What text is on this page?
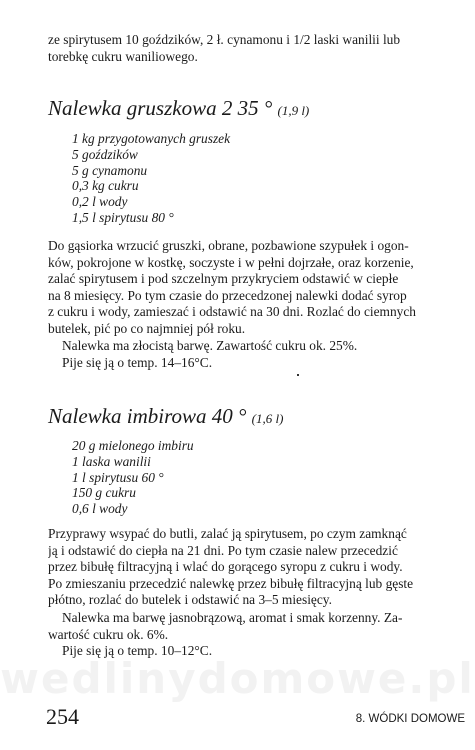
ze spirytusem 10 goździków, 2 ł. cynamonu i 1/2 laski wanilii lub
torebkę cukru waniliowego.

Nalewka gruszkowa 2 35 ° (1,9 l)
1 kg przygotowanych gruszek
5 goździków
5 g cynamonu
0,3 kg cukru
0,2 l wody
1,5 l spirytusu 80 °

Do gąsiorka wrzucić gruszki, obrane, pozbawione szypułek i ogon-
ków, pokrojone w kostkę, soczyste i w pełni dojrzałe, oraz korzenie,
zalać spirytusem i pod szczelnym przykryciem odstawić w ciepłe
na 8 miesięcy. Po tym czasie do przecedzonej nalewki dodać syrop
z cukru i wody, zamieszać i odstawić na 30 dni. Rozlać do ciemnych
butelek, pić po co najmniej pół roku.

Nalewka ma złocistą barwę. Zawartość cukru ok. 25%.
Pije się ją o temp. 14–16°C.

Nalewka imbirowa 40 ° (1,6 l)
20 g mielonego imbiru
1 laska wanilii
1 l spirytusu 60 °
150 g cukru
0,6 l wody

Przyprawy wsypać do butli, zalać ją spirytusem, po czym zamknąć
ją i odstawić do ciepła na 21 dni. Po tym czasie nalew przecedzić
przez bibułę filtracyjną i wlać do gorącego syropu z cukru i wody.
Po zmieszaniu przecedzić nalewkę przez bibułę filtracyjną lub gęste
płótno, rozlać do butelek i odstawić na 3–5 miesięcy.

Nalewka ma barwę jasnobrązową, aromat i smak korzenny. Za-
wartość cukru ok. 6%.
Pije się ją o temp. 10–12°C.

wedlinydomowe.pl
254	8. WÓDKI DOMOWE
